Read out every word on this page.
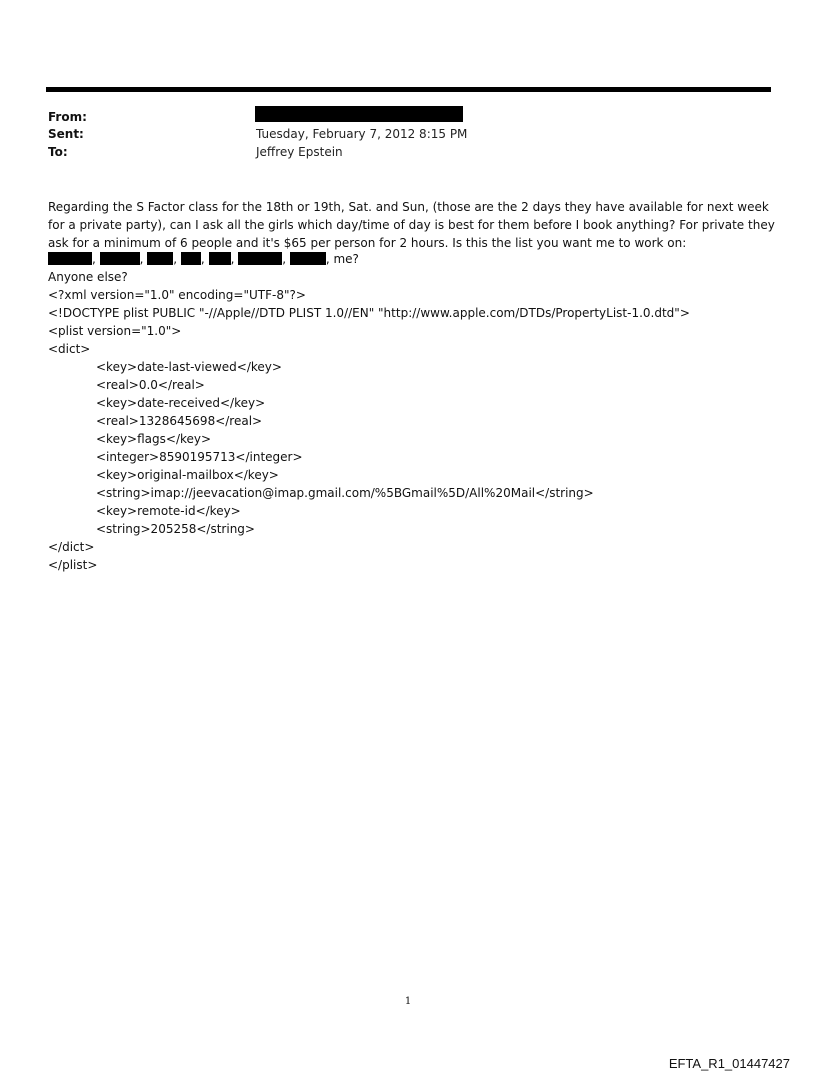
From:
Sent:	Tuesday, February 7, 2012 8:15 PM
To:	Jeffrey Epstein
Regarding the S Factor class for the 18th or 19th, Sat. and Sun, (those are the 2 days they have available for next week
for a private party), can I ask all the girls which day/time of day is best for them before I book anything? For private they
ask for a minimum of 6 people and it's $65 per person for 2 hours. Is this the list you want me to work on:
,	, , , ,	,	, me?
Anyone else?
<?xml version="1.0" encoding="UTF-8"?>
<!DOCTYPE plist PUBLIC "-//Apple//DTD PLIST 1.0//EN" "http://www.apple.com/DTDs/PropertyList-1.0.dtd">
<plist version="1.0">
<dict>
<key>date-last-viewed</key>
<real>0.0</real>
<key>date-received</key>
<real>1328645698</real>
<key>flags</key>
<integer>8590195713</integer>
<key>original-mailbox</key>
<string>imap://jeevacation@imap.gmail.com/%5BGmail%5D/All%20Mail</string>
<key>remote-id</key>
<string>205258</string>
</dict>
</plist>
1
EFTA_R1_01447427
